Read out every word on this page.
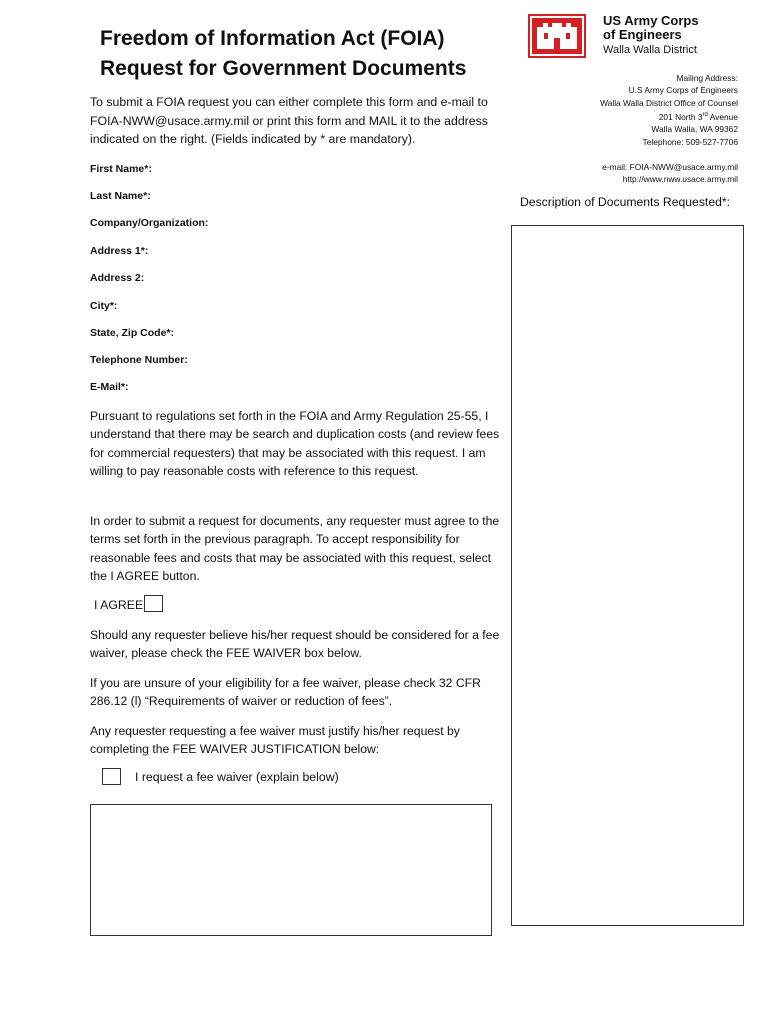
Freedom of Information Act (FOIA)
Request for Government Documents
To submit a FOIA request you can either complete this form and e-mail to FOIA-NWW@usace.army.mil or print this form and MAIL it to the address indicated on the right. (Fields indicated by * are mandatory).
US Army Corps
of Engineers
Walla Walla District
Mailing Address:
U.S Army Corps of Engineers
Walla Walla District Office of Counsel
201 North 3rd Avenue
Walla Walla, WA 99362
Telephone: 509-527-7706
e-mail: FOIA-NWW@usace.army.mil
http://www.nww.usace.army.mil
First Name*:
Last Name*:
Company/Organization:
Address 1*:
Address 2:
City*:
State, Zip Code*:
Telephone Number:
E-Mail*:
Description of Documents Requested*:
Pursuant to regulations set forth in the FOIA and Army Regulation 25-55, I understand that there may be search and duplication costs (and review fees for commercial requesters) that may be associated with this request. I am willing to pay reasonable costs with reference to this request.
In order to submit a request for documents, any requester must agree to the terms set forth in the previous paragraph. To accept responsibility for reasonable fees and costs that may be associated with this request, select the I AGREE button.
I AGREE
Should any requester believe his/her request should be considered for a fee waiver, please check the FEE WAIVER box below.
If you are unsure of your eligibility for a fee waiver, please check 32 CFR 286.12 (l) “Requirements of waiver or reduction of fees”.
Any requester requesting a fee waiver must justify his/her request by completing the FEE WAIVER JUSTIFICATION below:
I request a fee waiver (explain below)
